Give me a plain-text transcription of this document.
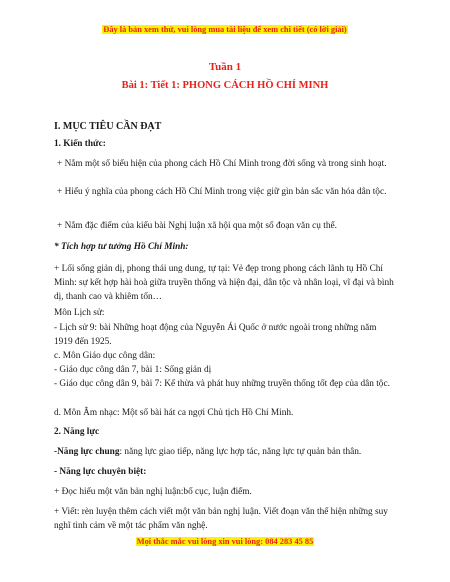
Đây là bản xem thử, vui lòng mua tài liệu để xem chi tiết (có lời giải)
Tuần 1
Bài 1: Tiết 1: PHONG CÁCH HỒ CHÍ MINH
I. MỤC TIÊU CẦN ĐẠT
1. Kiến thức:
+ Nắm một số biểu hiện của phong cách Hồ Chí Minh trong đời sống và trong sinh hoạt.
+ Hiểu ý nghĩa của phong cách Hồ Chí Minh trong việc giữ gìn bản sắc văn hóa dân tộc.
+ Nắm đặc điểm của kiểu bài Nghị luận xã hội qua một số đoạn văn cụ thể.
* Tích hợp tư tưởng Hồ Chí Minh:
+ Lối sống giản dị, phong thái ung dung, tự tại: Vẻ đẹp trong phong cách lãnh tụ Hồ Chí Minh: sự kết hợp hài hoà giữa truyền thống và hiện đại, dân tộc và nhân loại, vĩ đại và bình dị, thanh cao và khiêm tốn…
Môn Lịch sử:
- Lịch sử 9: bài Những hoạt động của Nguyễn Ái Quốc ở nước ngoài trong những năm 1919 đến 1925.
c. Môn Giáo dục công dân:
- Giáo dục công dân 7, bài 1: Sống giản dị
- Giáo dục công dân 9, bài 7: Kế thừa và phát huy những truyền thống tốt đẹp của dân tộc.
d. Môn Âm nhạc: Một số bài hát ca ngợi Chủ tịch Hồ Chí Minh.
2. Năng lực
-Năng lực chung: năng lực giao tiếp, năng lực hợp tác, năng lực tự quản bản thân.
- Năng lực chuyên biệt:
+ Đọc hiểu một văn bản nghị luận:bố cục, luận điểm.
+ Viết: rèn luyện thêm cách viết một văn bản nghị luận. Viết đoạn văn thể hiện những suy nghĩ tình cảm về một tác phẩm văn nghệ.
Mọi thắc mắc vui lòng xin vui lòng: 084 283 45 85
